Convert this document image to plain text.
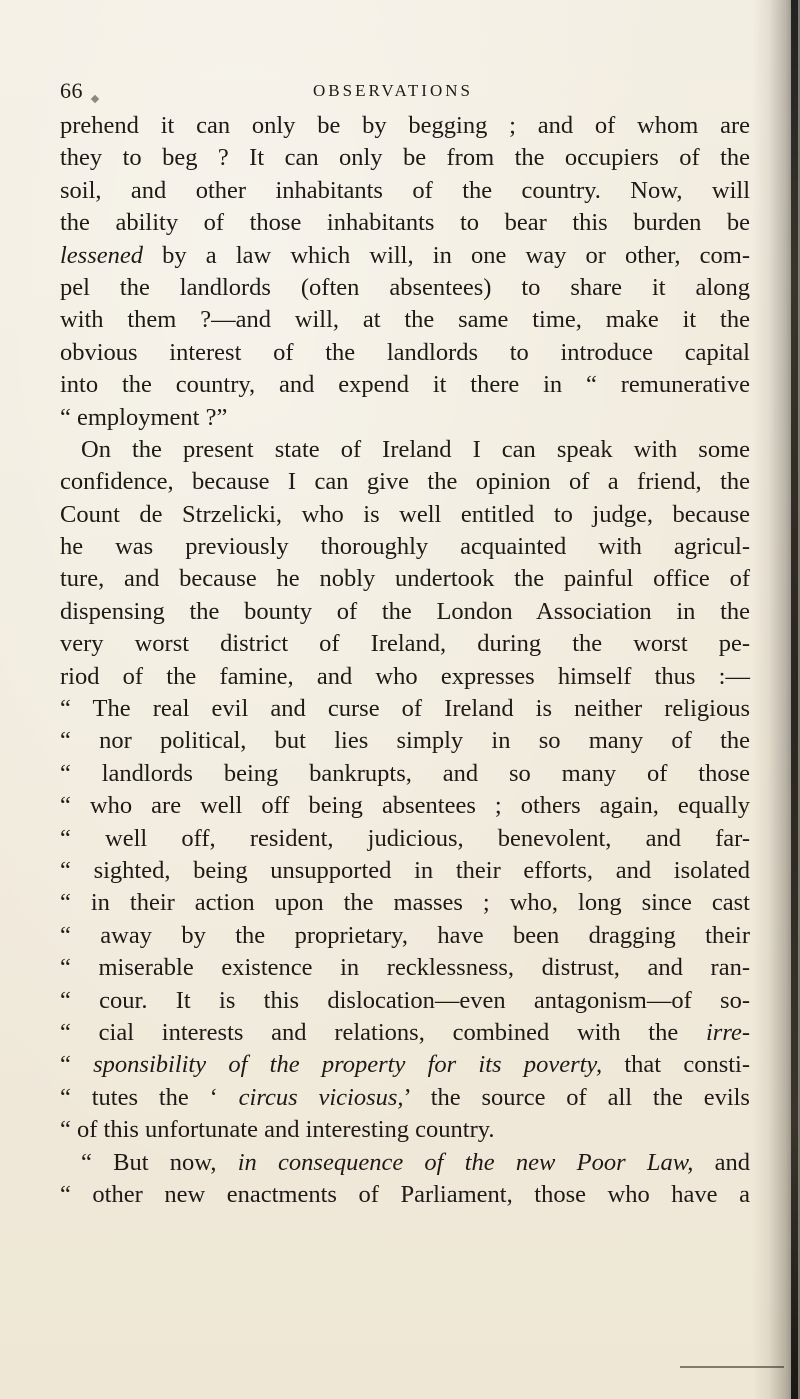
66	OBSERVATIONS
prehend it can only be by begging ; and of whom are
they to beg ? It can only be from the occupiers of the
soil, and other inhabitants of the country. Now, will
the ability of those inhabitants to bear this burden be
lessened by a law which will, in one way or other, com-
pel the landlords (often absentees) to share it along
with them ?—and will, at the same time, make it the
obvious interest of the landlords to introduce capital
into the country, and expend it there in “ remunerative
“ employment ?”
On the present state of Ireland I can speak with some
confidence, because I can give the opinion of a friend, the
Count de Strzelicki, who is well entitled to judge, because
he was previously thoroughly acquainted with agricul-
ture, and because he nobly undertook the painful office of
dispensing the bounty of the London Association in the
very worst district of Ireland, during the worst pe-
riod of the famine, and who expresses himself thus :—
“ The real evil and curse of Ireland is neither religious
“ nor political, but lies simply in so many of the
“ landlords being bankrupts, and so many of those
“ who are well off being absentees ; others again, equally
“ well off, resident, judicious, benevolent, and far-
“ sighted, being unsupported in their efforts, and isolated
“ in their action upon the masses ; who, long since cast
“ away by the proprietary, have been dragging their
“ miserable existence in recklessness, distrust, and ran-
“ cour. It is this dislocation—even antagonism—of so-
“ cial interests and relations, combined with the irre-
“ sponsibility of the property for its poverty, that consti-
“ tutes the ‘ circus viciosus,’ the source of all the evils
“ of this unfortunate and interesting country.
“ But now, in consequence of the new Poor Law, and
“ other new enactments of Parliament, those who have a
